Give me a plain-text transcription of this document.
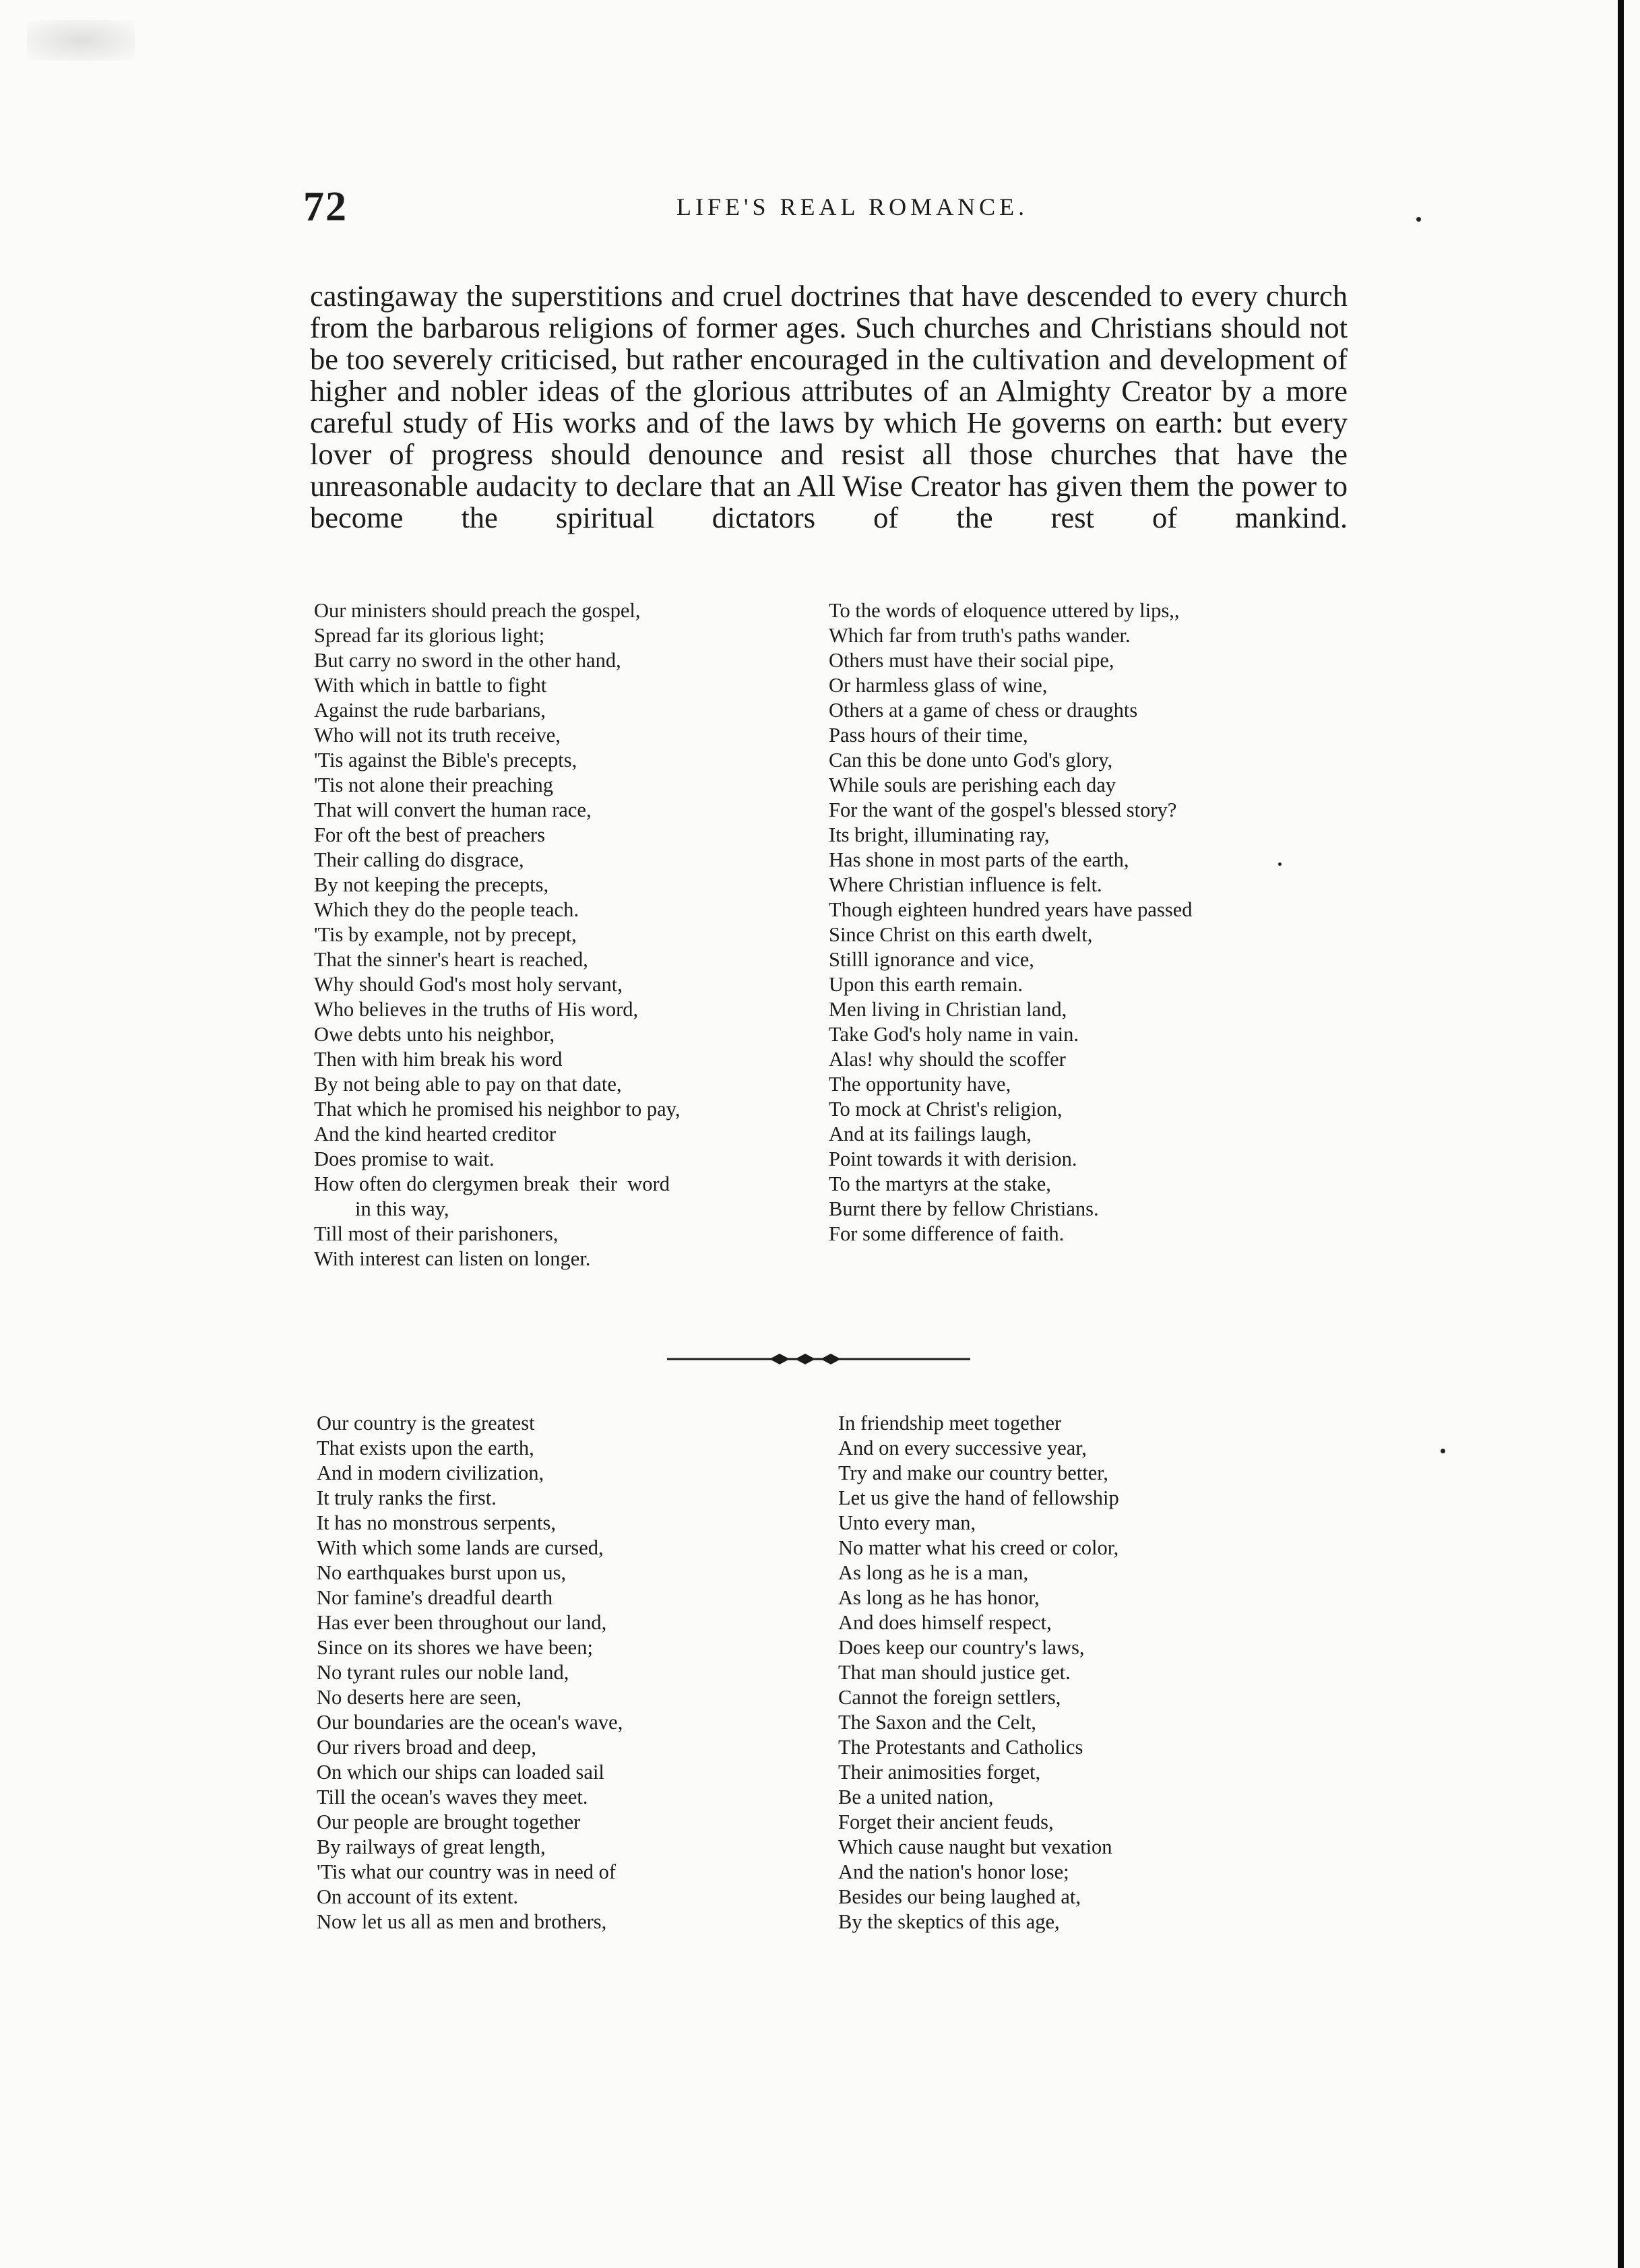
72	LIFE'S REAL ROMANCE.
castingaway the superstitions and cruel doctrines that have descended to every church from the barbarous religions of former ages. Such churches and Christians should not be too severely criticised, but rather encouraged in the cultivation and development of higher and nobler ideas of the glorious attributes of an Almighty Creator by a more careful study of His works and of the laws by which He governs on earth: but every lover of progress should denounce and resist all those churches that have the unreasonable audacity to declare that an All Wise Creator has given them the power to become the spiritual dictators of the rest of mankind.
Our ministers should preach the gospel,
Spread far its glorious light;
But carry no sword in the other hand,
With which in battle to fight
Against the rude barbarians,
Who will not its truth receive,
'Tis against the Bible's precepts,
'Tis not alone their preaching
That will convert the human race,
For oft the best of preachers
Their calling do disgrace,
By not keeping the precepts,
Which they do the people teach.
'Tis by example, not by precept,
That the sinner's heart is reached,
Why should God's most holy servant,
Who believes in the truths of His word,
Owe debts unto his neighbor,
Then with him break his word
By not being able to pay on that date,
That which he promised his neighbor to pay,
And the kind hearted creditor
Does promise to wait.
How often do clergymen break  their  word
in this way,
Till most of their parishoners,
With interest can listen on longer.
To the words of eloquence uttered by lips,,
Which far from truth's paths wander.
Others must have their social pipe,
Or harmless glass of wine,
Others at a game of chess or draughts
Pass hours of their time,
Can this be done unto God's glory,
While souls are perishing each day
For the want of the gospel's blessed story?
Its bright, illuminating ray,
Has shone in most parts of the earth,
Where Christian influence is felt.
Though eighteen hundred years have passed
Since Christ on this earth dwelt,
Stilll ignorance and vice,
Upon this earth remain.
Men living in Christian land,
Take God's holy name in vain.
Alas! why should the scoffer
The opportunity have,
To mock at Christ's religion,
And at its failings laugh,
Point towards it with derision.
To the martyrs at the stake,
Burnt there by fellow Christians.
For some difference of faith.
Our country is the greatest
That exists upon the earth,
And in modern civilization,
It truly ranks the first.
It has no monstrous serpents,
With which some lands are cursed,
No earthquakes burst upon us,
Nor famine's dreadful dearth
Has ever been throughout our land,
Since on its shores we have been;
No tyrant rules our noble land,
No deserts here are seen,
Our boundaries are the ocean's wave,
Our rivers broad and deep,
On which our ships can loaded sail
Till the ocean's waves they meet.
Our people are brought together
By railways of great length,
'Tis what our country was in need of
On account of its extent.
Now let us all as men and brothers,
In friendship meet together
And on every successive year,
Try and make our country better,
Let us give the hand of fellowship
Unto every man,
No matter what his creed or color,
As long as he is a man,
As long as he has honor,
And does himself respect,
Does keep our country's laws,
That man should justice get.
Cannot the foreign settlers,
The Saxon and the Celt,
The Protestants and Catholics
Their animosities forget,
Be a united nation,
Forget their ancient feuds,
Which cause naught but vexation
And the nation's honor lose;
Besides our being laughed at,
By the skeptics of this age,
